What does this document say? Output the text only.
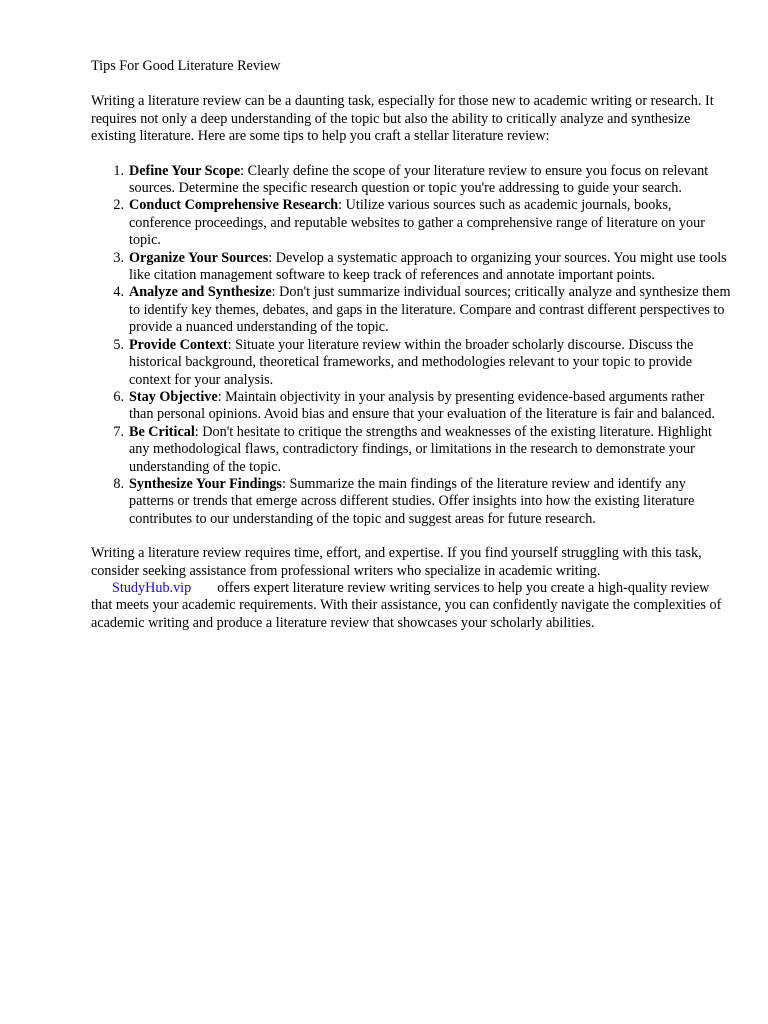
Tips For Good Literature Review

Writing a literature review can be a daunting task, especially for those new to academic writing or research. It requires not only a deep understanding of the topic but also the ability to critically analyze and synthesize existing literature. Here are some tips to help you craft a stellar literature review:

1. Define Your Scope: Clearly define the scope of your literature review to ensure you focus on relevant sources. Determine the specific research question or topic you're addressing to guide your search.
2. Conduct Comprehensive Research: Utilize various sources such as academic journals, books, conference proceedings, and reputable websites to gather a comprehensive range of literature on your topic.
3. Organize Your Sources: Develop a systematic approach to organizing your sources. You might use tools like citation management software to keep track of references and annotate important points.
4. Analyze and Synthesize: Don't just summarize individual sources; critically analyze and synthesize them to identify key themes, debates, and gaps in the literature. Compare and contrast different perspectives to provide a nuanced understanding of the topic.
5. Provide Context: Situate your literature review within the broader scholarly discourse. Discuss the historical background, theoretical frameworks, and methodologies relevant to your topic to provide context for your analysis.
6. Stay Objective: Maintain objectivity in your analysis by presenting evidence-based arguments rather than personal opinions. Avoid bias and ensure that your evaluation of the literature is fair and balanced.
7. Be Critical: Don't hesitate to critique the strengths and weaknesses of the existing literature. Highlight any methodological flaws, contradictory findings, or limitations in the research to demonstrate your understanding of the topic.
8. Synthesize Your Findings: Summarize the main findings of the literature review and identify any patterns or trends that emerge across different studies. Offer insights into how the existing literature contributes to our understanding of the topic and suggest areas for future research.

Writing a literature review requires time, effort, and expertise. If you find yourself struggling with this task, consider seeking assistance from professional writers who specialize in academic writing.
StudyHub.vip offers expert literature review writing services to help you create a high-quality review that meets your academic requirements. With their assistance, you can confidently navigate the complexities of academic writing and produce a literature review that showcases your scholarly abilities.
